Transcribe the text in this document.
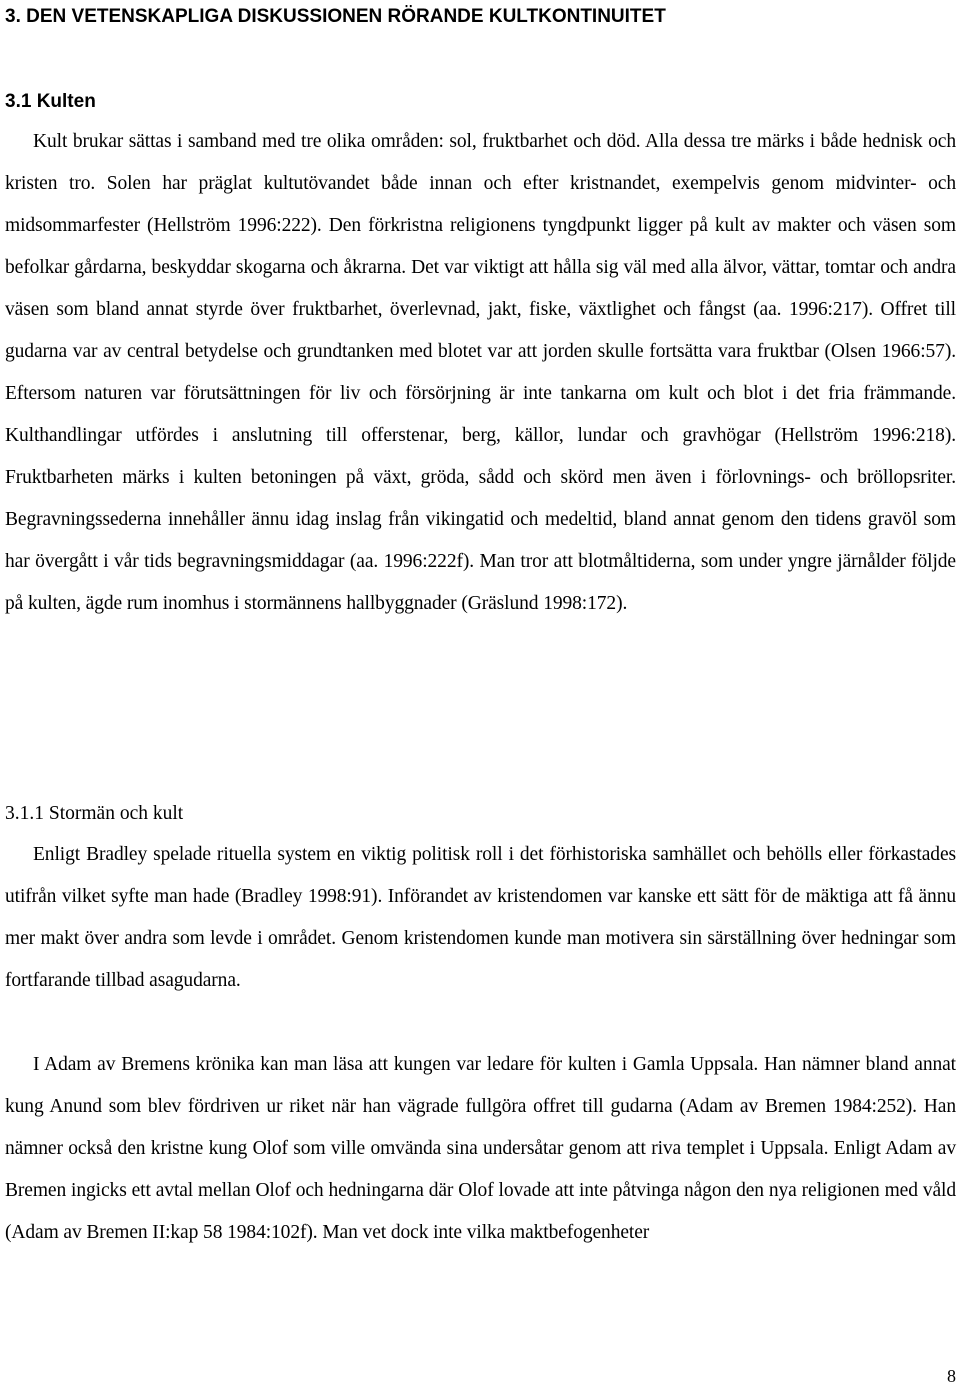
3. DEN VETENSKAPLIGA DISKUSSIONEN RÖRANDE KULTKONTINUITET
3.1 Kulten

Kult brukar sättas i samband med tre olika områden: sol, fruktbarhet och död. Alla dessa tre märks i både hednisk och kristen tro. Solen har präglat kultutövandet både innan och efter kristnandet, exempelvis genom midvinter- och midsommarfester (Hellström 1996:222). Den förkristna religionens tyngdpunkt ligger på kult av makter och väsen som befolkar gårdarna, beskyddar skogarna och åkrarna. Det var viktigt att hålla sig väl med alla älvor, vättar, tomtar och andra väsen som bland annat styrde över fruktbarhet, överlevnad, jakt, fiske, växtlighet och fångst (aa. 1996:217). Offret till gudarna var av central betydelse och grundtanken med blotet var att jorden skulle fortsätta vara fruktbar (Olsen 1966:57). Eftersom naturen var förutsättningen för liv och försörjning är inte tankarna om kult och blot i det fria främmande. Kulthandlingar utfördes i anslutning till offerstenar, berg, källor, lundar och gravhögar (Hellström 1996:218). Fruktbarheten märks i kulten betoningen på växt, gröda, sådd och skörd men även i förlovnings- och bröllopsriter. Begravningssederna innehåller ännu idag inslag från vikingatid och medeltid, bland annat genom den tidens gravöl som har övergått i vår tids begravningsmiddagar (aa. 1996:222f). Man tror att blotmåltiderna, som under yngre järnålder följde på kulten, ägde rum inomhus i stormännens hallbyggnader (Gräslund 1998:172).

3.1.1 Stormän och kult

Enligt Bradley spelade rituella system en viktig politisk roll i det förhistoriska samhället och behölls eller förkastades utifrån vilket syfte man hade (Bradley 1998:91). Införandet av kristendomen var kanske ett sätt för de mäktiga att få ännu mer makt över andra som levde i området. Genom kristendomen kunde man motivera sin särställning över hedningar som fortfarande tillbad asagudarna.

I Adam av Bremens krönika kan man läsa att kungen var ledare för kulten i Gamla Uppsala. Han nämner bland annat kung Anund som blev fördriven ur riket när han vägrade fullgöra offret till gudarna (Adam av Bremen 1984:252). Han nämner också den kristne kung Olof som ville omvända sina undersåtar genom att riva templet i Uppsala. Enligt Adam av Bremen ingicks ett avtal mellan Olof och hedningarna där Olof lovade att inte påtvinga någon den nya religionen med våld (Adam av Bremen II:kap 58 1984:102f). Man vet dock inte vilka maktbefogenheter

8
